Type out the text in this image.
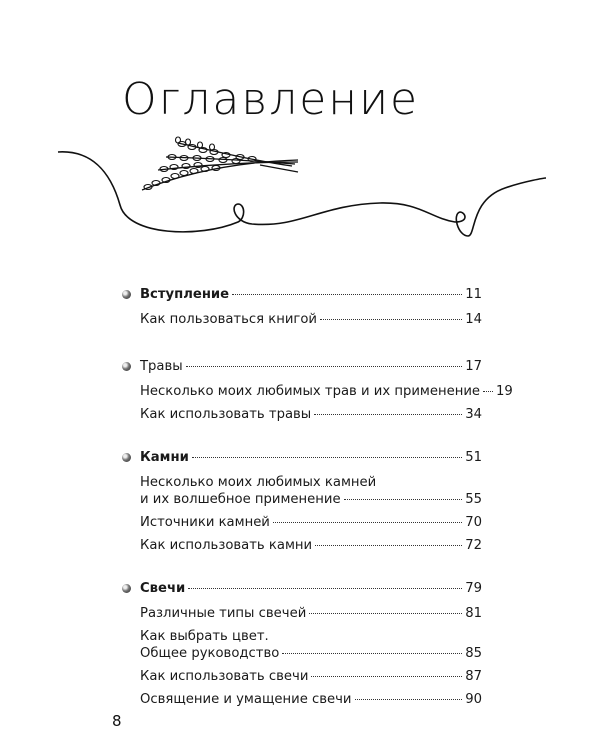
Оглавление
Вступление	11
Как пользоваться книгой	14
Травы	17
Несколько моих любимых трав и их применение 19
Как использовать травы	34
Камни	51
Несколько моих любимых камней
и их волшебное применение	55
Источники камней	70
Как использовать камни	72
Свечи	79
Различные типы свечей	81
Как выбрать цвет.
Общее руководство	85
Как использовать свечи	87
Освящение и умащение свечи	90
8
